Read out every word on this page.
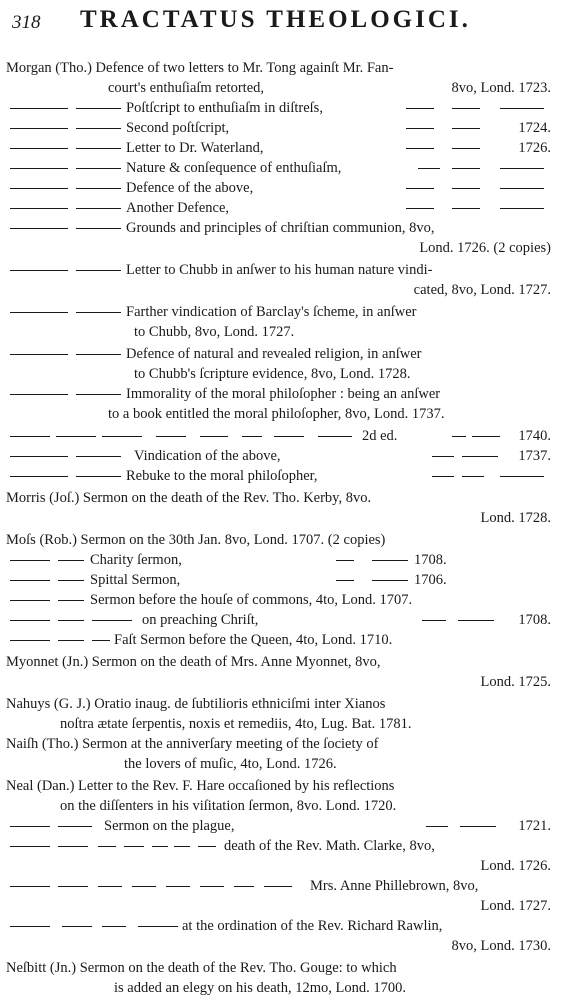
318 TRACTATUS THEOLOGICI.
Morgan (Tho.) Defence of two letters to Mr. Tong againſt Mr. Fan-
court's enthuſiaſm retorted,	8vo, Lond. 1723.
Poſtſcript to enthuſiaſm in diſtreſs,
Second poſtſcript,	1724.
Letter to Dr. Waterland,	1726.
Nature & conſequence of enthuſiaſm,
Defence of the above,
Another Defence,
Grounds and principles of chriſtian communion, 8vo,
Lond. 1726. (2 copies)
Letter to Chubb in anſwer to his human nature vindi-
cated, 8vo, Lond. 1727.
Farther vindication of Barclay's ſcheme, in anſwer
to Chubb, 8vo, Lond. 1727.
Defence of natural and revealed religion, in anſwer
to Chubb's ſcripture evidence, 8vo, Lond. 1728.
Immorality of the moral philoſopher : being an anſwer
to a book entitled the moral philoſopher, 8vo, Lond. 1737.
2d ed.	1740.
Vindication of the above,	1737.
Rebuke to the moral philoſopher,
Morris (Joſ.) Sermon on the death of the Rev. Tho. Kerby, 8vo.
Lond. 1728.
Moſs (Rob.) Sermon on the 30th Jan. 8vo, Lond. 1707. (2 copies)
Charity ſermon,	1708.
Spittal Sermon,	1706.
Sermon before the houſe of commons, 4to, Lond. 1707.
on preaching Chriſt,	1708.
Faſt Sermon before the Queen, 4to, Lond. 1710.
Myonnet (Jn.) Sermon on the death of Mrs. Anne Myonnet, 8vo,
Lond. 1725.
Nahuys (G. J.) Oratio inaug. de ſubtilioris ethniciſmi inter Xianos
noſtra ætate ſerpentis, noxis et remediis, 4to, Lug. Bat. 1781.
Naiſh (Tho.) Sermon at the anniverſary meeting of the ſociety of
the lovers of muſic, 4to, Lond. 1726.
Neal (Dan.) Letter to the Rev. F. Hare occaſioned by his reflections
on the diſſenters in his viſitation ſermon, 8vo. Lond. 1720.
Sermon on the plague,	1721.
death of the Rev. Math. Clarke, 8vo,
Lond. 1726.
Mrs. Anne Phillebrown, 8vo,
Lond. 1727.
at the ordination of the Rev. Richard Rawlin,
8vo, Lond. 1730.
Neſbitt (Jn.) Sermon on the death of the Rev. Tho. Gouge: to which
is added an elegy on his death, 12mo, Lond. 1700.
